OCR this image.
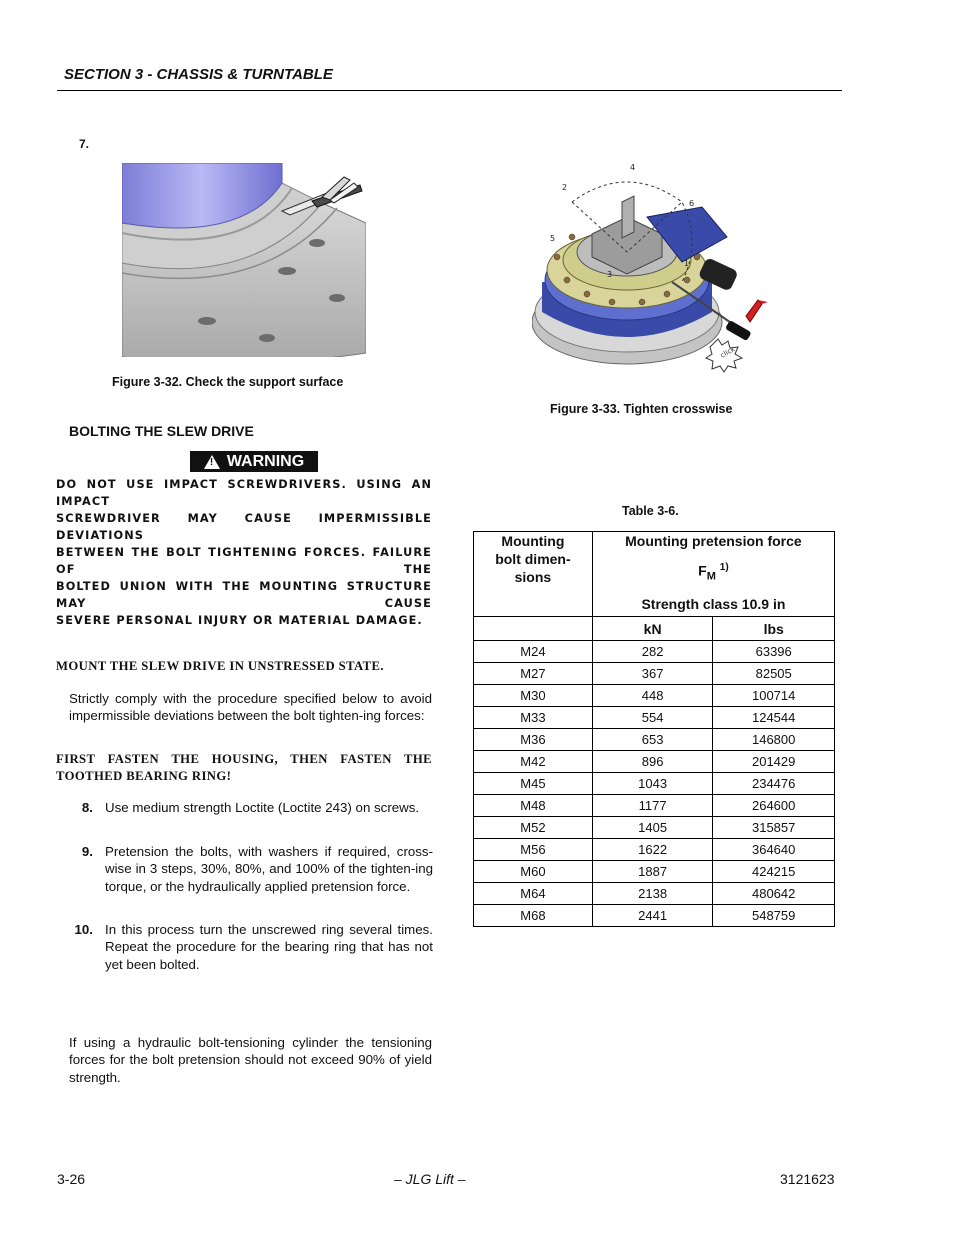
SECTION 3 - CHASSIS & TURNTABLE
7.
Figure 3-32. Check the support surface
click
4
2
6
5
3
1
Figure 3-33. Tighten crosswise
BOLTING THE SLEW DRIVE
! WARNING
DO NOT USE IMPACT SCREWDRIVERS. USING AN IMPACT
SCREWDRIVER MAY CAUSE IMPERMISSIBLE DEVIATIONS
BETWEEN THE BOLT TIGHTENING FORCES. FAILURE OF THE
BOLTED UNION WITH THE MOUNTING STRUCTURE MAY CAUSE
SEVERE PERSONAL INJURY OR MATERIAL DAMAGE.
MOUNT THE SLEW DRIVE IN UNSTRESSED STATE.
Strictly comply with the procedure specified below to avoid impermissible deviations between the bolt tighten-ing forces:
FIRST FASTEN THE HOUSING, THEN FASTEN THE TOOTHED BEARING RING!
8. Use medium strength Loctite (Loctite 243) on screws.
9. Pretension the bolts, with washers if required, cross-wise in 3 steps, 30%, 80%, and 100% of the tighten-ing torque, or the hydraulically applied pretension force.
10. In this process turn the unscrewed ring several times. Repeat the procedure for the bearing ring that has not yet been bolted.
If using a hydraulic bolt-tensioning cylinder the tensioning forces for the bolt pretension should not exceed 90% of yield strength.
Table 3-6.
Mounting bolt dimen-sions	Mounting pretension force
$F_M$ $^{1)}$
Strength class 10.9 in	

	kN	lbs
M24	282	63396
M27	367	82505
M30	448	100714
M33	554	124544
M36	653	146800
M42	896	201429
M45	1043	234476
M48	1177	264600
M52	1405	315857
M56	1622	364640
M60	1887	424215
M64	2138	480642
M68	2441	548759
3-26	– JLG Lift –	3121623
